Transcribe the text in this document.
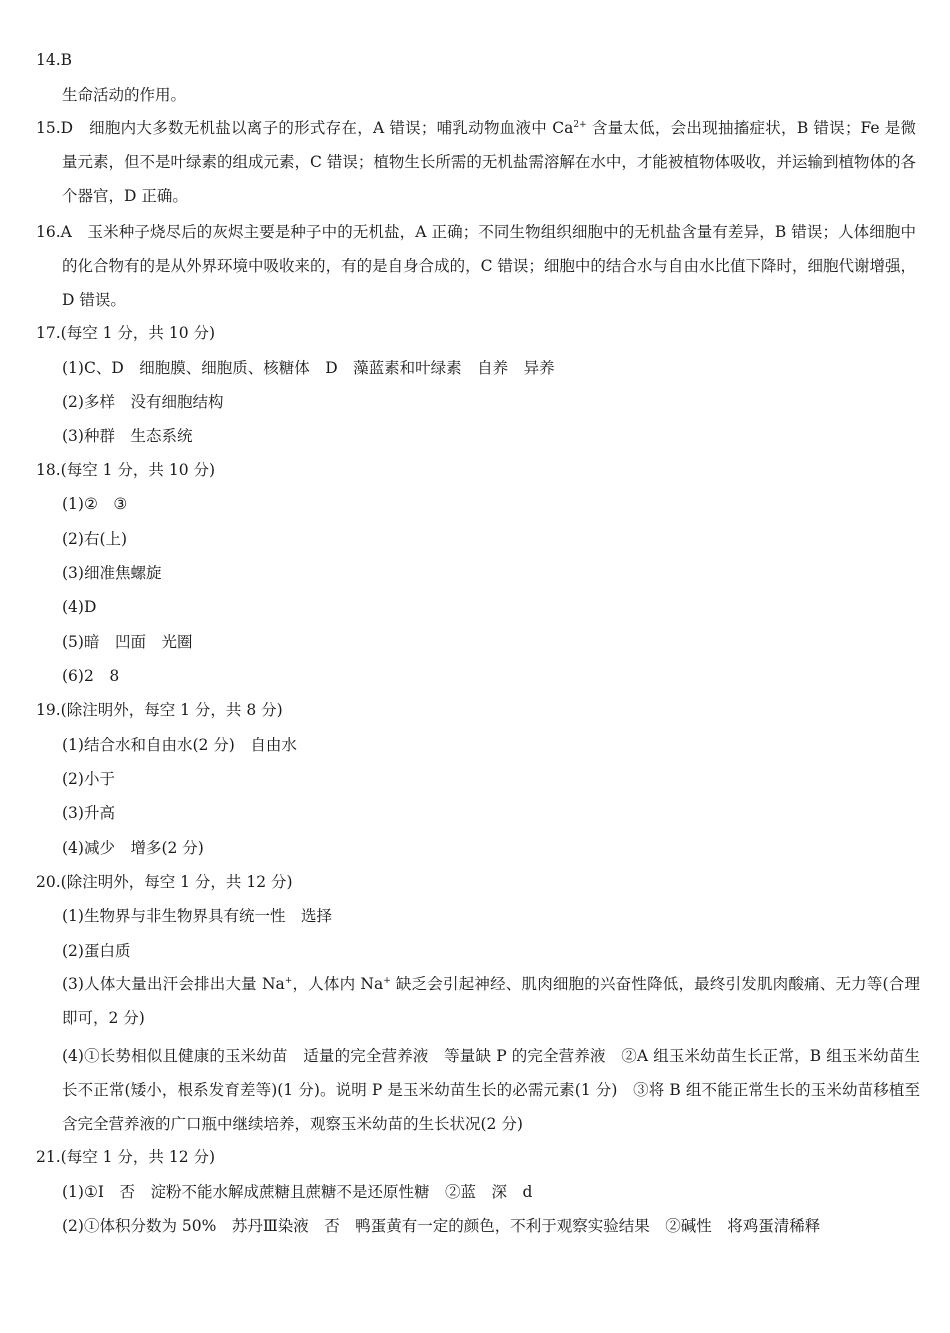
14.B
生命活动的作用。
15.D　细胞内大多数无机盐以离子的形式存在，A 错误；哺乳动物血液中 $Ca^{2+}$ 含量太低，会出现抽搐症状，B 错误；Fe 是微量元素，但不是叶绿素的组成元素，C 错误；植物生长所需的无机盐需溶解在水中，才能被植物体吸收，并运输到植物体的各个器官，D 正确。
16.A　玉米种子烧尽后的灰烬主要是种子中的无机盐，A 正确；不同生物组织细胞中的无机盐含量有差异，B 错误；人体细胞中的化合物有的是从外界环境中吸收来的，有的是自身合成的，C 错误；细胞中的结合水与自由水比值下降时，细胞代谢增强，D 错误。
17.(每空 1 分，共 10 分)
(1)C、D　细胞膜、细胞质、核糖体　D　藻蓝素和叶绿素　自养　异养
(2)多样　没有细胞结构
(3)种群　生态系统
18.(每空 1 分，共 10 分)
(1)②　③
(2)右(上)
(3)细准焦螺旋
(4)D
(5)暗　凹面　光圈
(6)2　8
19.(除注明外，每空 1 分，共 8 分)
(1)结合水和自由水(2 分)　自由水
(2)小于
(3)升高
(4)减少　增多(2 分)
20.(除注明外，每空 1 分，共 12 分)
(1)生物界与非生物界具有统一性　选择
(2)蛋白质
(3)人体大量出汗会排出大量 Na+，人体内 Na+ 缺乏会引起神经、肌肉细胞的兴奋性降低，最终引发肌肉酸痛、无力等(合理即可，2 分)
(4)①长势相似且健康的玉米幼苗　适量的完全营养液　等量缺 P 的完全营养液　②A 组玉米幼苗生长正常，B 组玉米幼苗生长不正常(矮小，根系发育差等)(1 分)。说明 P 是玉米幼苗生长的必需元素(1 分)　③将 B 组不能正常生长的玉米幼苗移植至含完全营养液的广口瓶中继续培养，观察玉米幼苗的生长状况(2 分)
21.(每空 1 分，共 12 分)
(1)①Ⅰ　否　淀粉不能水解成蔗糖且蔗糖不是还原性糖　②蓝　深　d
(2)①体积分数为 50%　苏丹Ⅲ染液　否　鸭蛋黄有一定的颜色，不利于观察实验结果　②碱性　将鸡蛋清稀释
